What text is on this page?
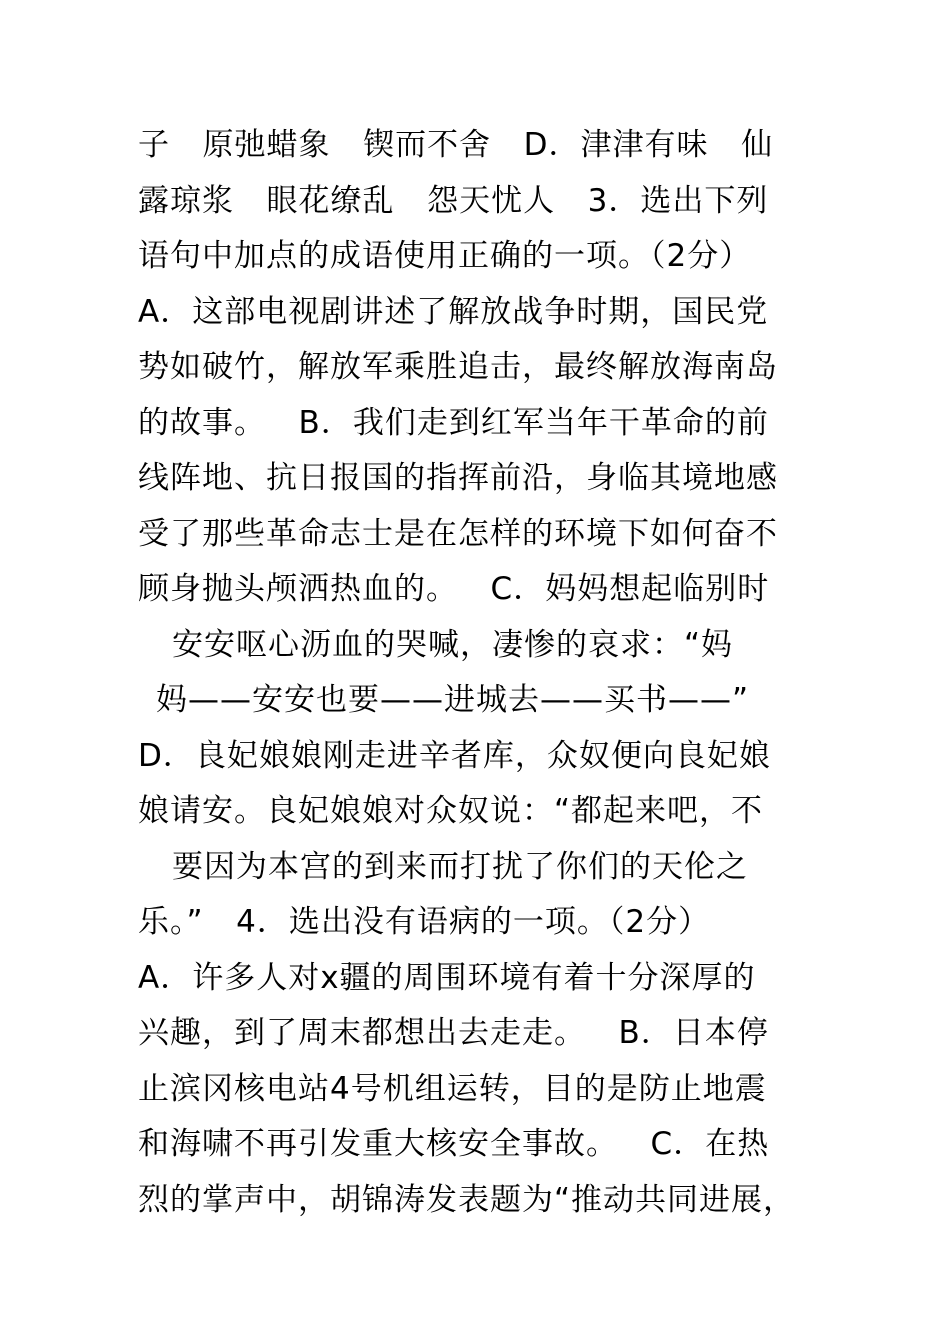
子   原弛蜡象   锲而不舍   D．津津有味   仙
露琼浆   眼花缭乱   怨天忧人   3．选出下列
语句中加点的成语使用正确的一项。（2分）
A．这部电视剧讲述了解放战争时期，国民党
势如破竹，解放军乘胜追击，最终解放海南岛
的故事。   B．我们走到红军当年干革命的前
线阵地、抗日报国的指挥前沿，身临其境地感
受了那些革命志士是在怎样的环境下如何奋不
顾身抛头颅洒热血的。   C．妈妈想起临别时
安安呕心沥血的哭喊，凄惨的哀求：“妈
妈——安安也要——进城去——买书——”
D．良妃娘娘刚走进辛者库，众奴便向良妃娘
娘请安。良妃娘娘对众奴说：“都起来吧，不
要因为本宫的到来而打扰了你们的天伦之
乐。”   4．选出没有语病的一项。（2分）
A．许多人对x疆的周围环境有着十分深厚的
兴趣，到了周末都想出去走走。   B．日本停
止滨冈核电站4号机组运转，目的是防止地震
和海啸不再引发重大核安全事故。   C．在热
烈的掌声中，胡锦涛发表题为“推动共同进展，
